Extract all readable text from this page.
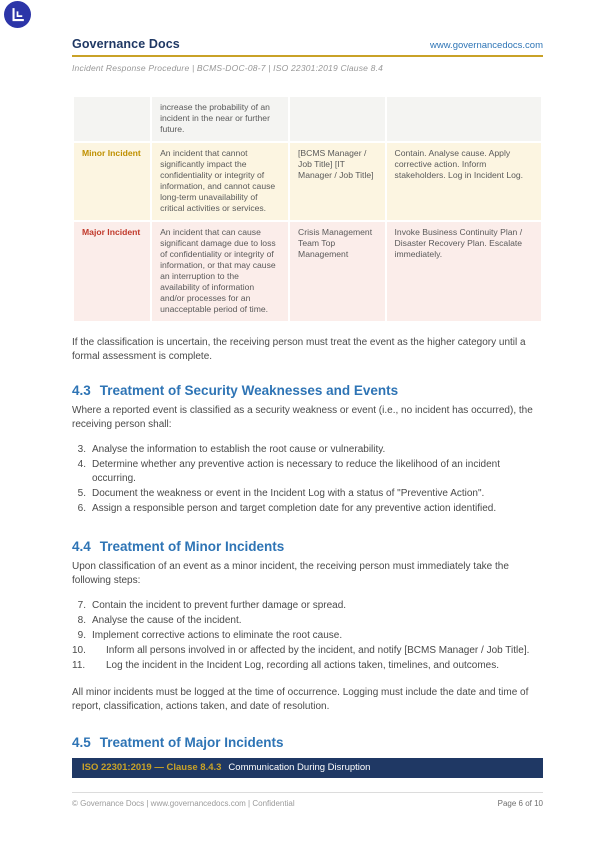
Governance Docs	www.governancedocs.com
Incident Response Procedure | BCMS-DOC-08-7 | ISO 22301:2019 Clause 8.4
	increase the probability of an incident in the near or further future.		
Minor Incident	An incident that cannot significantly impact the confidentiality or integrity of information, and cannot cause long-term unavailability of critical activities or services.	[BCMS Manager / Job Title] [IT Manager / Job Title]	Contain. Analyse cause. Apply corrective action. Inform stakeholders. Log in Incident Log.
Major Incident	An incident that can cause significant damage due to loss of confidentiality or integrity of information, or that may cause an interruption to the availability of information and/or processes for an unacceptable period of time.	Crisis Management Team Top Management	Invoke Business Continuity Plan / Disaster Recovery Plan. Escalate immediately.

If the classification is uncertain, the receiving person must treat the event as the higher category until a formal assessment is complete.

4.3 Treatment of Security Weaknesses and Events

Where a reported event is classified as a security weakness or event (i.e., no incident has occurred), the receiving person shall:

3. Analyse the information to establish the root cause or vulnerability.
4. Determine whether any preventive action is necessary to reduce the likelihood of an incident occurring.
5. Document the weakness or event in the Incident Log with a status of "Preventive Action".
6. Assign a responsible person and target completion date for any preventive action identified.
4.4 Treatment of Minor Incidents

Upon classification of an event as a minor incident, the receiving person must immediately take the following steps:

7. Contain the incident to prevent further damage or spread.
8. Analyse the cause of the incident.
9. Implement corrective actions to eliminate the root cause.
10. Inform all persons involved in or affected by the incident, and notify [BCMS Manager / Job Title].
11. Log the incident in the Incident Log, recording all actions taken, timelines, and outcomes.

All minor incidents must be logged at the time of occurrence. Logging must include the date and time of report, classification, actions taken, and date of resolution.

4.5 Treatment of Major Incidents
ISO 22301:2019 — Clause 8.4.3 Communication During Disruption
© Governance Docs | www.governancedocs.com | Confidential	Page 6 of 10
